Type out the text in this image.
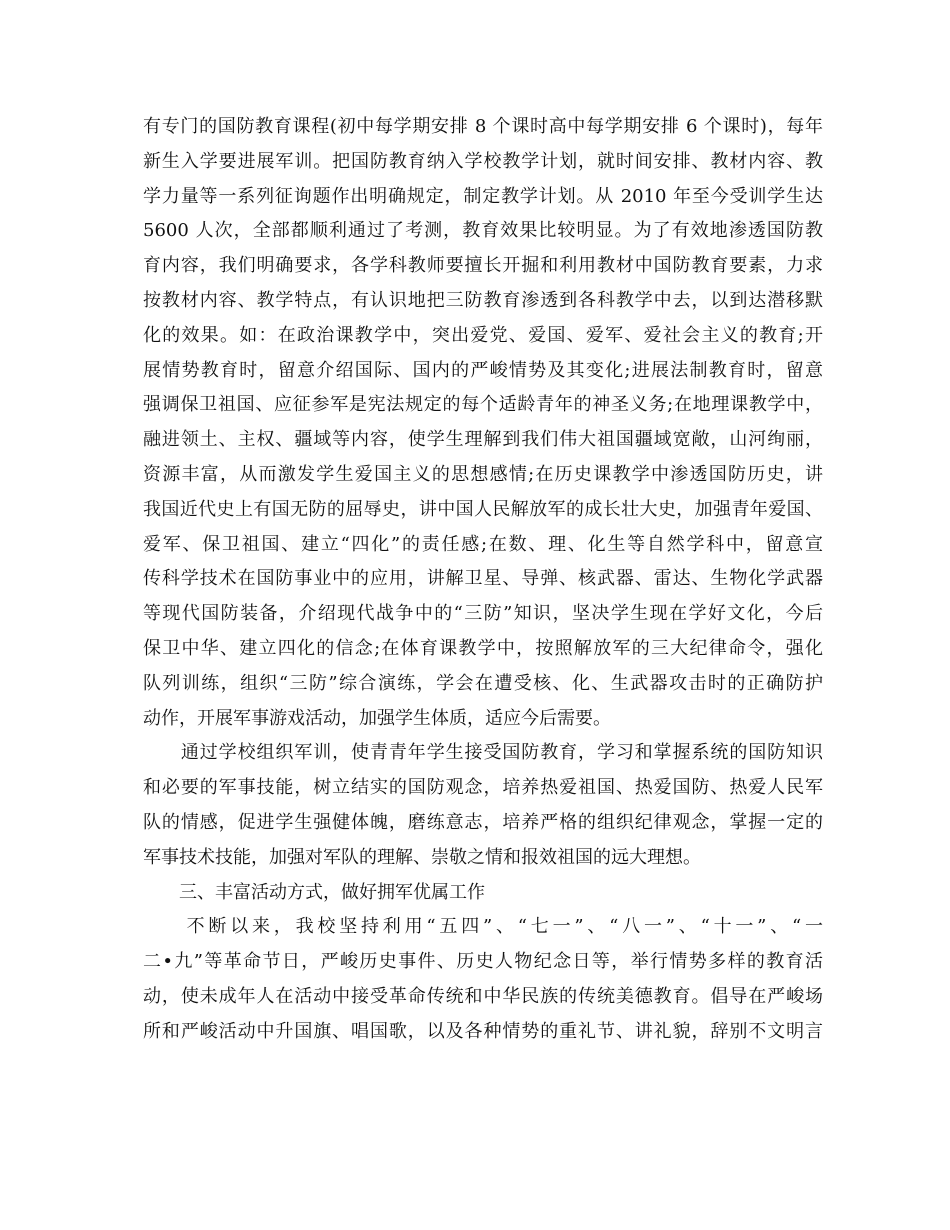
有专门的国防教育课程(初中每学期安排 8 个课时高中每学期安排 6 个课时)，每年
新生入学要进展军训。把国防教育纳入学校教学计划，就时间安排、教材内容、教
学力量等一系列征询题作出明确规定，制定教学计划。从 2010 年至今受训学生达
5600 人次，全部都顺利通过了考测，教育效果比较明显。为了有效地渗透国防教
育内容，我们明确要求，各学科教师要擅长开掘和利用教材中国防教育要素，力求
按教材内容、教学特点，有认识地把三防教育渗透到各科教学中去，以到达潜移默
化的效果。如：在政治课教学中，突出爱党、爱国、爱军、爱社会主义的教育;开
展情势教育时，留意介绍国际、国内的严峻情势及其变化;进展法制教育时，留意
强调保卫祖国、应征参军是宪法规定的每个适龄青年的神圣义务;在地理课教学中，
融进领土、主权、疆域等内容，使学生理解到我们伟大祖国疆域宽敞，山河绚丽，
资源丰富，从而激发学生爱国主义的思想感情;在历史课教学中渗透国防历史，讲
我国近代史上有国无防的屈辱史，讲中国人民解放军的成长壮大史，加强青年爱国、
爱军、保卫祖国、建立“四化”的责任感;在数、理、化生等自然学科中，留意宣
传科学技术在国防事业中的应用，讲解卫星、导弹、核武器、雷达、生物化学武器
等现代国防装备，介绍现代战争中的“三防”知识，坚决学生现在学好文化，今后
保卫中华、建立四化的信念;在体育课教学中，按照解放军的三大纪律命令，强化
队列训练，组织“三防”综合演练，学会在遭受核、化、生武器攻击时的正确防护
动作，开展军事游戏活动，加强学生体质，适应今后需要。
　　通过学校组织军训，使青青年学生接受国防教育，学习和掌握系统的国防知识
和必要的军事技能，树立结实的国防观念，培养热爱祖国、热爱国防、热爱人民军
队的情感，促进学生强健体魄，磨练意志，培养严格的组织纪律观念，掌握一定的
军事技术技能，加强对军队的理解、崇敬之情和报效祖国的远大理想。
　　三、丰富活动方式，做好拥军优属工作
　　不断以来，我校坚持利用“五四”、“七一”、“八一”、“十一”、“一
二•九”等革命节日，严峻历史事件、历史人物纪念日等，举行情势多样的教育活
动，使未成年人在活动中接受革命传统和中华民族的传统美德教育。倡导在严峻场
所和严峻活动中升国旗、唱国歌，以及各种情势的重礼节、讲礼貌，辞别不文明言
